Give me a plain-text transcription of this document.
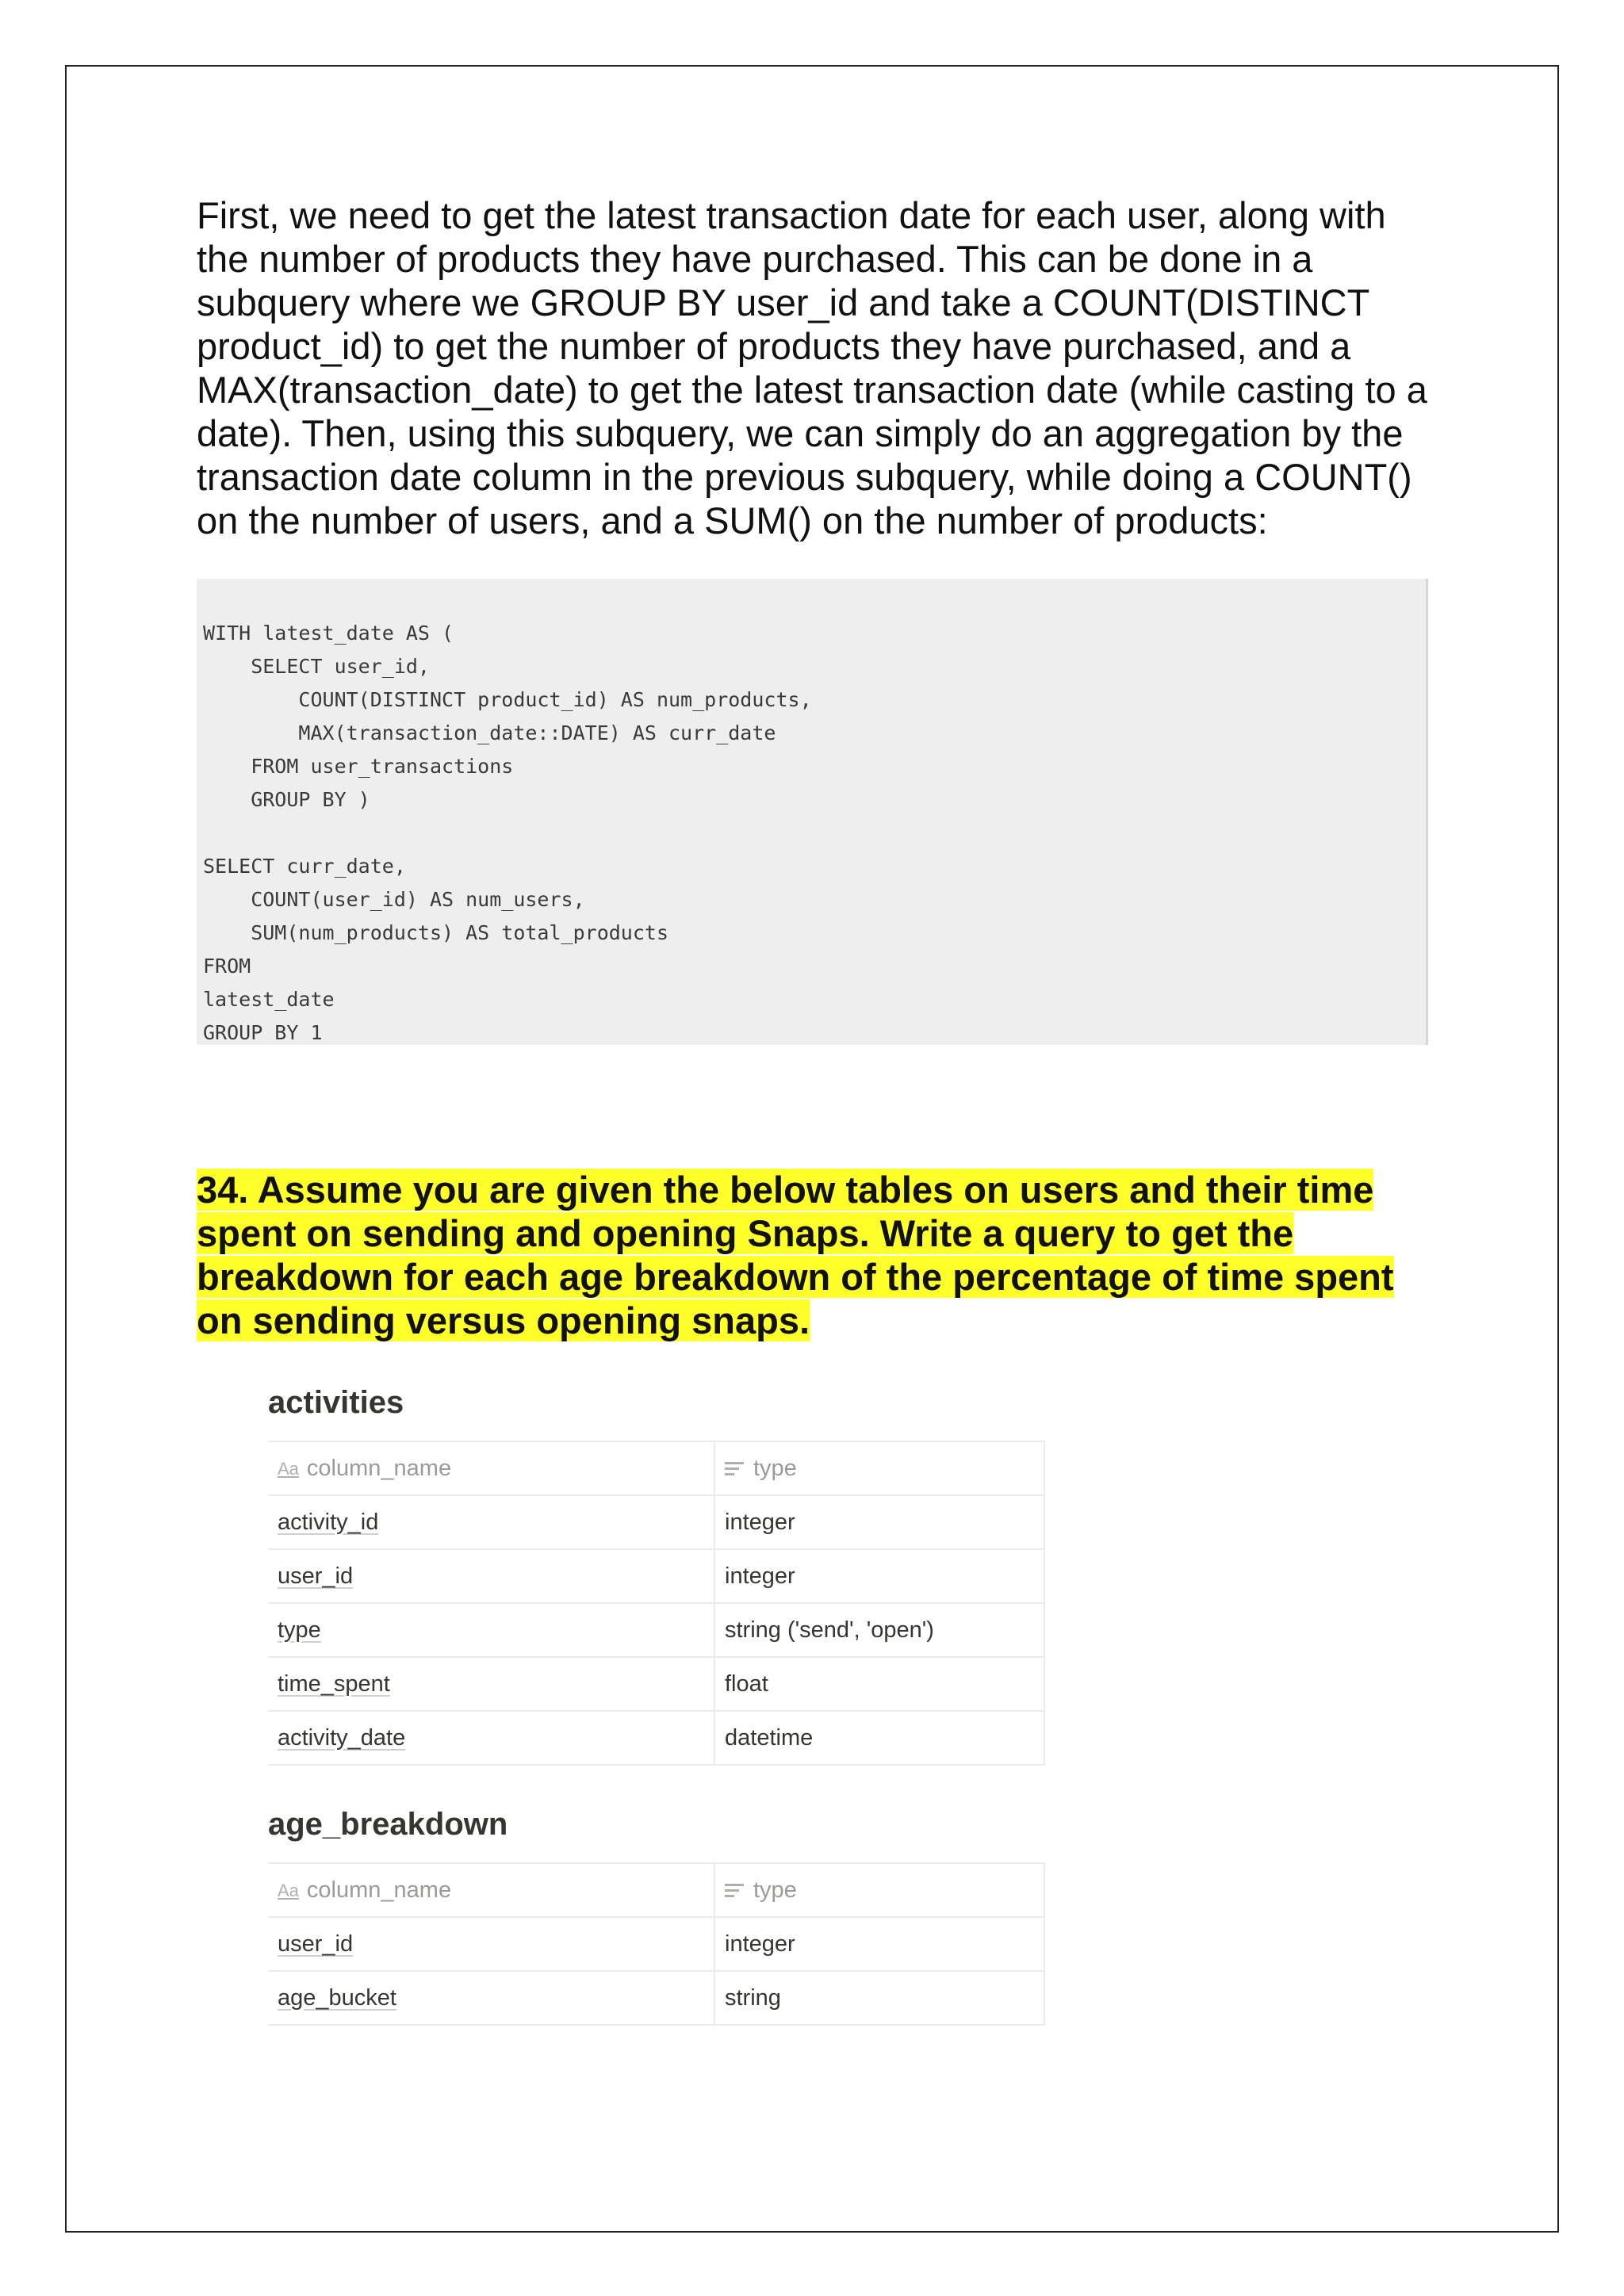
First, we need to get the latest transaction date for each user, along with the number of products they have purchased. This can be done in a subquery where we GROUP BY user_id and take a COUNT(DISTINCT product_id) to get the number of products they have purchased, and a MAX(transaction_date) to get the latest transaction date (while casting to a date). Then, using this subquery, we can simply do an aggregation by the transaction date column in the previous subquery, while doing a COUNT() on the number of users, and a SUM() on the number of products:

WITH latest_date AS (
SELECT user_id,
COUNT(DISTINCT product_id) AS num_products,
MAX(transaction_date::DATE) AS curr_date
FROM user_transactions
GROUP BY )
SELECT curr_date,
COUNT(user_id) AS num_users,
SUM(num_products) AS total_products
FROM
latest_date
GROUP BY 1
34. Assume you are given the below tables on users and their time spent on sending and opening Snaps. Write a query to get the breakdown for each age breakdown of the percentage of time spent on sending versus opening snaps.
activities
Aa column_name	type
activity_id	integer
user_id	integer
type	string ('send', 'open')
time_spent	float
activity_date	datetime
age_breakdown
Aa column_name	type
user_id	integer
age_bucket	string
